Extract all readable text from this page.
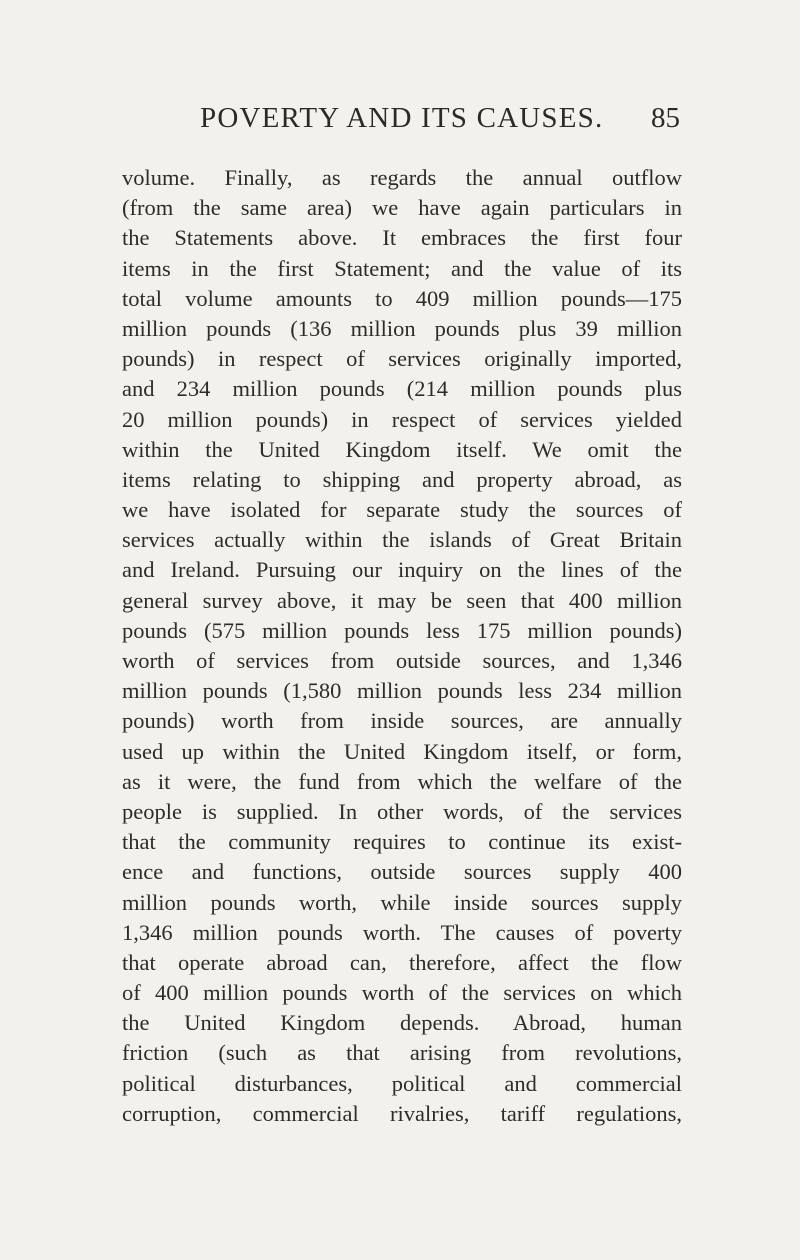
POVERTY AND ITS CAUSES. 85
volume. Finally, as regards the annual outflow
(from the same area) we have again particulars in
the Statements above. It embraces the first four
items in the first Statement; and the value of its
total volume amounts to 409 million pounds—175
million pounds (136 million pounds plus 39 million
pounds) in respect of services originally imported,
and 234 million pounds (214 million pounds plus
20 million pounds) in respect of services yielded
within the United Kingdom itself. We omit the
items relating to shipping and property abroad, as
we have isolated for separate study the sources of
services actually within the islands of Great Britain
and Ireland. Pursuing our inquiry on the lines of the
general survey above, it may be seen that 400 million
pounds (575 million pounds less 175 million pounds)
worth of services from outside sources, and 1,346
million pounds (1,580 million pounds less 234 million
pounds) worth from inside sources, are annually
used up within the United Kingdom itself, or form,
as it were, the fund from which the welfare of the
people is supplied. In other words, of the services
that the community requires to continue its exist-
ence and functions, outside sources supply 400
million pounds worth, while inside sources supply
1,346 million pounds worth. The causes of poverty
that operate abroad can, therefore, affect the flow
of 400 million pounds worth of the services on which
the United Kingdom depends. Abroad, human
friction (such as that arising from revolutions,
political disturbances, political and commercial
corruption, commercial rivalries, tariff regulations,
